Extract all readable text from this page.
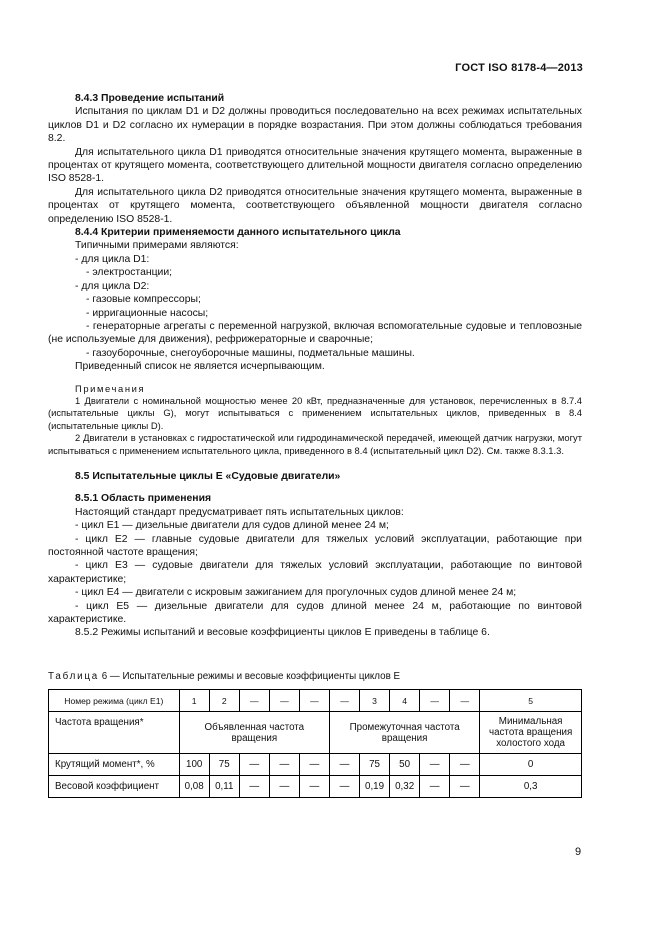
ГОСТ ISO 8178-4—2013

8.4.3 Проведение испытаний

Испытания по циклам D1 и D2 должны проводиться последовательно на всех режимах испытательных циклов D1 и D2 согласно их нумерации в порядке возрастания. При этом должны соблюдаться требования 8.2.

Для испытательного цикла D1 приводятся относительные значения крутящего момента, выраженные в процентах от крутящего момента, соответствующего длительной мощности двигателя согласно определению ISO 8528-1.

Для испытательного цикла D2 приводятся относительные значения крутящего момента, выраженные в процентах от крутящего момента, соответствующего объявленной мощности двигателя согласно определению ISO 8528-1.

8.4.4 Критерии применяемости данного испытательного цикла

Типичными примерами являются:

- для цикла D1:

- электростанции;

- для цикла D2:

- газовые компрессоры;

- ирригационные насосы;

- генераторные агрегаты с переменной нагрузкой, включая вспомогательные судовые и тепловозные (не используемые для движения), рефрижераторные и сварочные;

- газоуборочные, снегоуборочные машины, подметальные машины.

Приведенный список не является исчерпывающим.

Примечания

1 Двигатели с номинальной мощностью менее 20 кВт, предназначенные для установок, перечисленных в 8.7.4 (испытательные циклы G), могут испытываться с применением испытательных циклов, приведенных в 8.4 (испытательные циклы D).

2 Двигатели в установках с гидростатической или гидродинамической передачей, имеющей датчик нагрузки, могут испытываться с применением испытательного цикла, приведенного в 8.4 (испытательный цикл D2). См. также 8.3.1.3.

8.5 Испытательные циклы Е «Судовые двигатели»

8.5.1 Область применения

Настоящий стандарт предусматривает пять испытательных циклов:

- цикл Е1 — дизельные двигатели для судов длиной менее 24 м;

- цикл Е2 — главные судовые двигатели для тяжелых условий эксплуатации, работающие при постоянной частоте вращения;

- цикл Е3 — судовые двигатели для тяжелых условий эксплуатации, работающие по винтовой характеристике;

- цикл Е4 — двигатели с искровым зажиганием для прогулочных судов длиной менее 24 м;

- цикл Е5 — дизельные двигатели для судов длиной менее 24 м, работающие по винтовой характеристике.

8.5.2 Режимы испытаний и весовые коэффициенты циклов Е приведены в таблице 6.

Таблица 6 — Испытательные режимы и весовые коэффициенты циклов Е
Номер режима (цикл Е1)	1	2	—	—	—	—	3	4	—	—	5
Частота вращения*	Объявленная частота вращения					Промежуточная частота вращения					Минимальная частота вращения холостого хода
Крутящий момент*, %	100	75	—	—	—	—	75	50	—	—	0
Весовой коэффициент	0,08	0,11	—	—	—	—	0,19	0,32	—	—	0,3
9
